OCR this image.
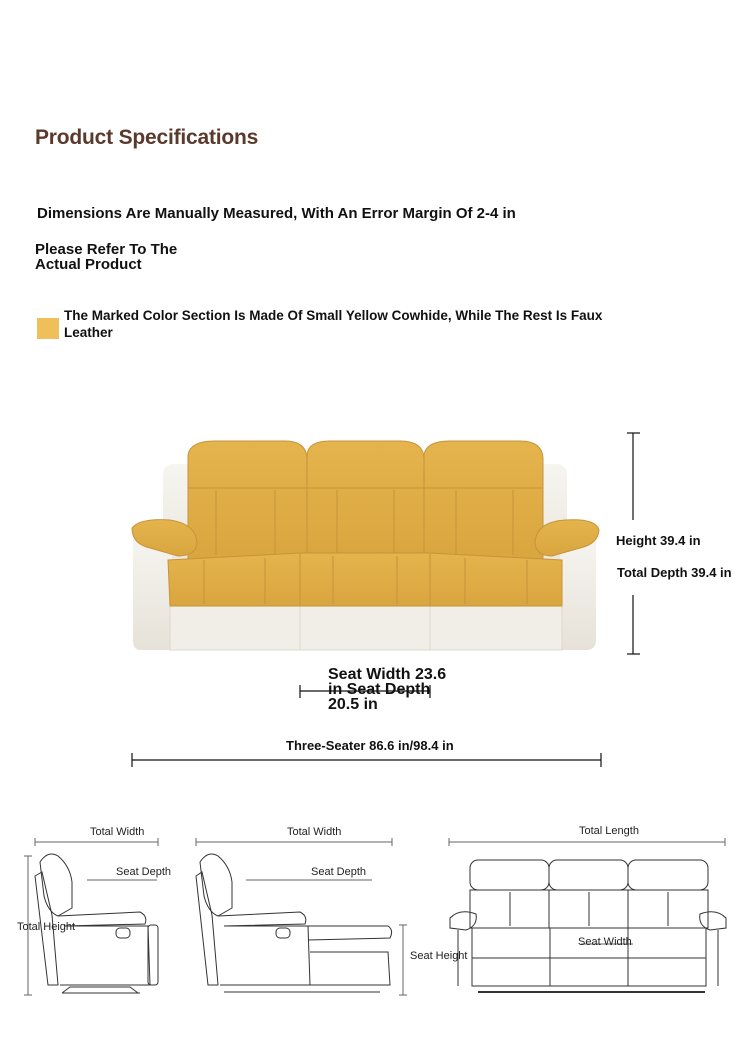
Product Specifications
Dimensions Are Manually Measured, With An Error Margin Of 2-4 in
Please Refer To The
Actual Product
The Marked Color Section Is Made Of Small Yellow Cowhide, While The Rest Is Faux Leather
Height 39.4 in
Total Depth 39.4 in
Seat Width 23.6 in Seat Depth 20.5 in
Three-Seater 86.6 in/98.4 in
Total Width
Seat Depth
Total Height
Total Width
Seat Depth
Seat Height
Total Length
Seat Width
